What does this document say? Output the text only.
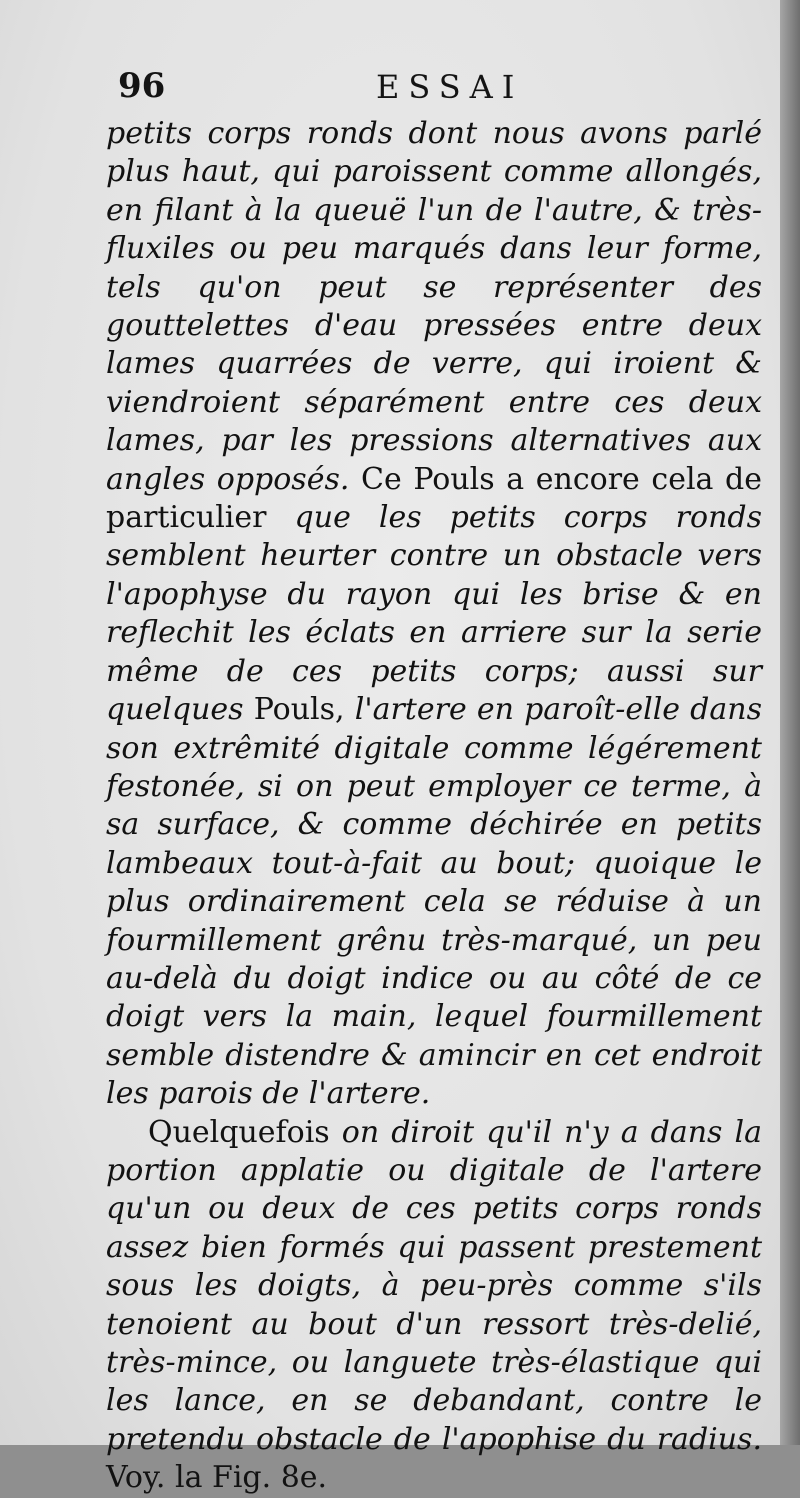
96	ESSAI

petits corps ronds dont nous avons parlé plus haut, qui paroissent comme allongés, en filant à la queuë l'un de l'autre, & très-fluxiles ou peu marqués dans leur forme, tels qu'on peut se représenter des gouttelettes d'eau pressées entre deux lames quarrées de verre, qui iroient & viendroient séparément entre ces deux lames, par les pressions alternatives aux angles opposés. Ce Pouls a encore cela de particulier que les petits corps ronds semblent heurter contre un obstacle vers l'apophyse du rayon qui les brise & en reflechit les éclats en arriere sur la serie même de ces petits corps; aussi sur quelques Pouls, l'artere en paroît-elle dans son extrêmité digitale comme légérement festonée, si on peut employer ce terme, à sa surface, & comme déchirée en petits lambeaux tout-à-fait au bout; quoique le plus ordinairement cela se réduise à un fourmillement grênu très-marqué, un peu au-delà du doigt indice ou au côté de ce doigt vers la main, lequel fourmillement semble distendre & amincir en cet endroit les parois de l'artere.

Quelquefois on diroit qu'il n'y a dans la portion applatie ou digitale de l'artere qu'un ou deux de ces petits corps ronds assez bien formés qui passent prestement sous les doigts, à peu-près comme s'ils tenoient au bout d'un ressort très-delié, très-mince, ou languete très-élastique qui les lance, en se debandant, contre le pretendu obstacle de l'apophise du radius. Voy. la Fig. 8e.
